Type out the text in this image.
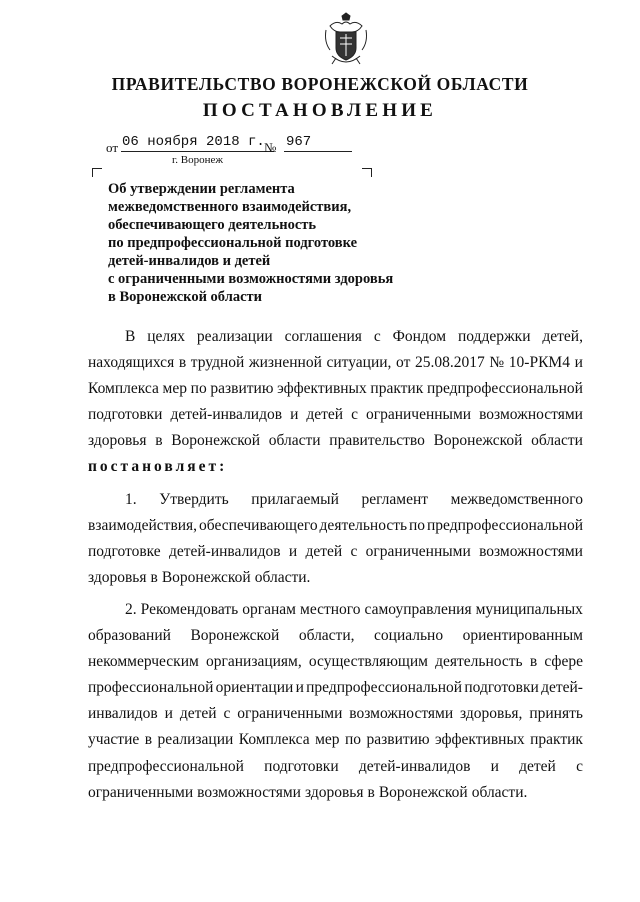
ПРАВИТЕЛЬСТВО ВОРОНЕЖСКОЙ ОБЛАСТИ
ПОСТАНОВЛЕНИЕ
от 06 ноября 2018 г. № 967
г. Воронеж
Об утверждении регламента
межведомственного взаимодействия,
обеспечивающего деятельность
по предпрофессиональной подготовке
детей-инвалидов и детей
с ограниченными возможностями здоровья
в Воронежской области
В целях реализации соглашения с Фондом поддержки детей,
находящихся в трудной жизненной ситуации, от 25.08.2017 № 10-РКМ4 и
Комплекса мер по развитию эффективных практик предпрофессиональной
подготовки детей-инвалидов и детей с ограниченными возможностями
здоровья в Воронежской области правительство Воронежской области
постановляет:
1. Утвердить прилагаемый регламент межведомственного
взаимодействия, обеспечивающего деятельность по предпрофессиональной
подготовке детей-инвалидов и детей с ограниченными возможностями
здоровья в Воронежской области.
2. Рекомендовать органам местного самоуправления муниципальных
образований Воронежской области, социально ориентированным
некоммерческим организациям, осуществляющим деятельность в сфере
профессиональной ориентации и предпрофессиональной подготовки детей-
инвалидов и детей с ограниченными возможностями здоровья, принять
участие в реализации Комплекса мер по развитию эффективных практик
предпрофессиональной подготовки детей-инвалидов и детей с
ограниченными возможностями здоровья в Воронежской области.
